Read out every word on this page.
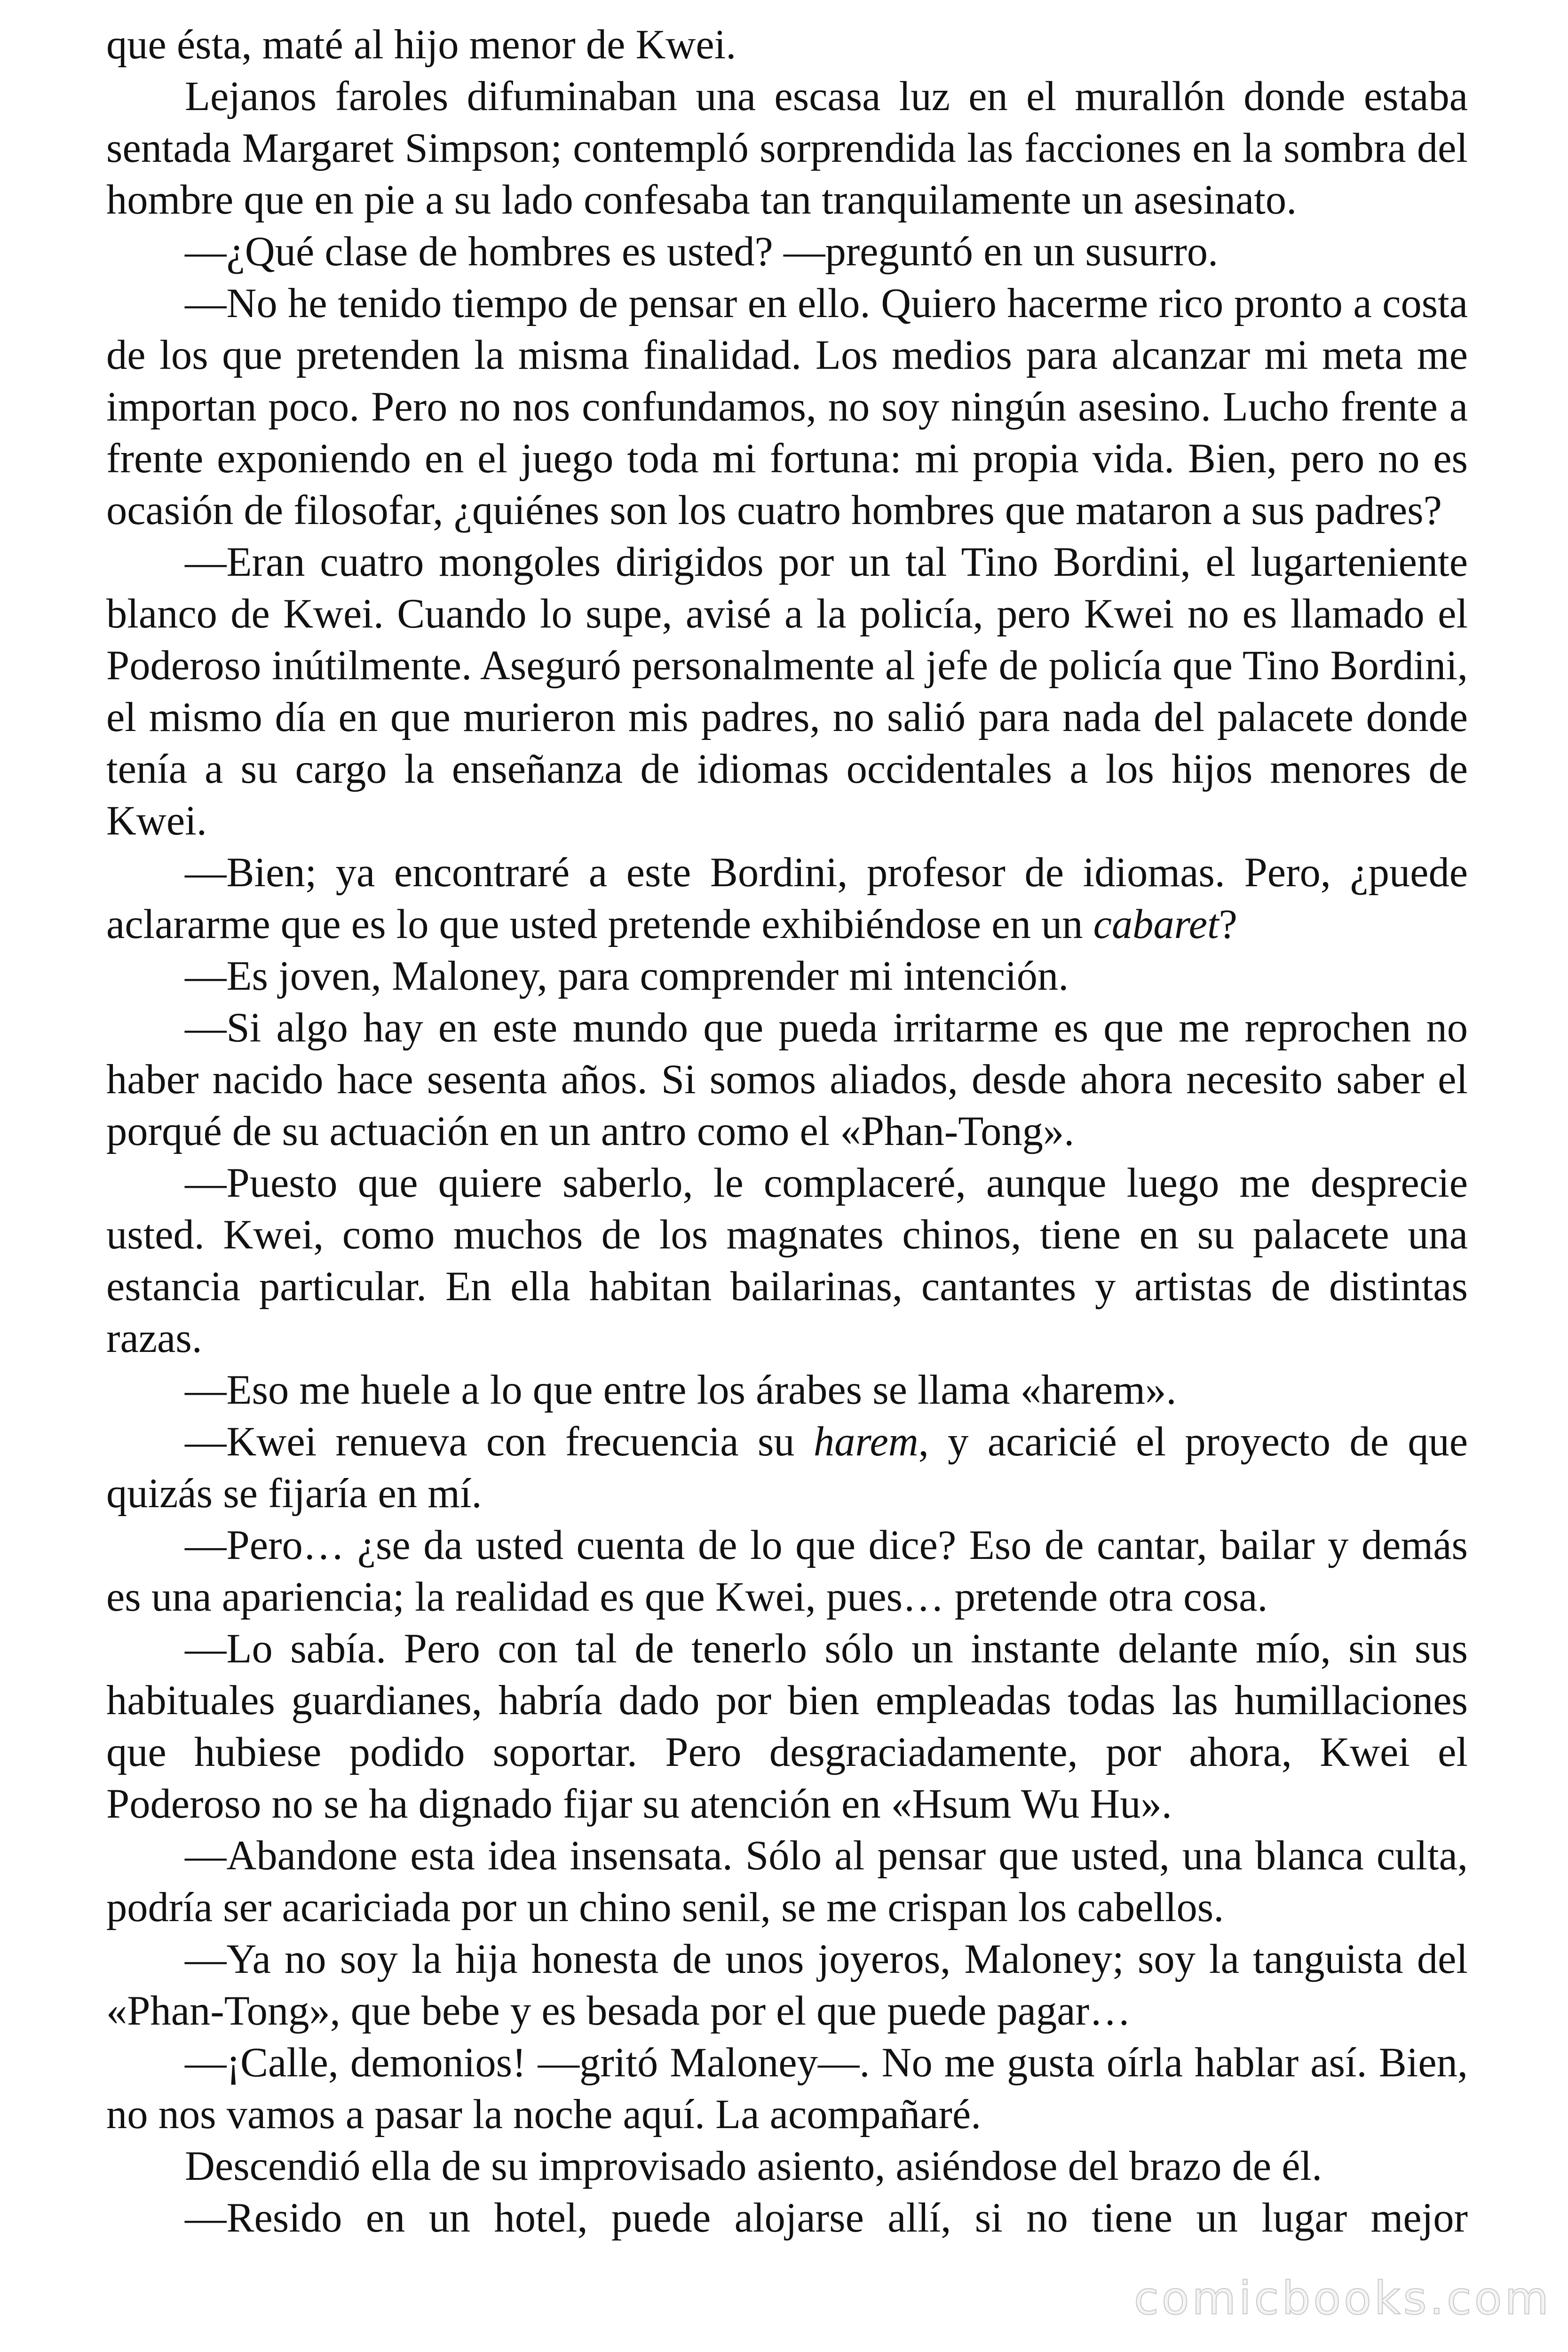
que ésta, maté al hijo menor de Kwei.

Lejanos faroles difuminaban una escasa luz en el murallón donde estaba sentada Margaret Simpson; contempló sorprendida las facciones en la sombra del hombre que en pie a su lado confesaba tan tranquilamente un asesinato.

—¿Qué clase de hombres es usted? —preguntó en un susurro.

—No he tenido tiempo de pensar en ello. Quiero hacerme rico pronto a costa de los que pretenden la misma finalidad. Los medios para alcanzar mi meta me importan poco. Pero no nos confundamos, no soy ningún asesino. Lucho frente a frente exponiendo en el juego toda mi fortuna: mi propia vida. Bien, pero no es ocasión de filosofar, ¿quiénes son los cuatro hombres que mataron a sus padres?

—Eran cuatro mongoles dirigidos por un tal Tino Bordini, el lugarteniente blanco de Kwei. Cuando lo supe, avisé a la policía, pero Kwei no es llamado el Poderoso inútilmente. Aseguró personalmente al jefe de policía que Tino Bordini, el mismo día en que murieron mis padres, no salió para nada del palacete donde tenía a su cargo la enseñanza de idiomas occidentales a los hijos menores de Kwei.

—Bien; ya encontraré a este Bordini, profesor de idiomas. Pero, ¿puede aclararme que es lo que usted pretende exhibiéndose en un cabaret?

—Es joven, Maloney, para comprender mi intención.

—Si algo hay en este mundo que pueda irritarme es que me reprochen no haber nacido hace sesenta años. Si somos aliados, desde ahora necesito saber el porqué de su actuación en un antro como el «Phan-Tong».

—Puesto que quiere saberlo, le complaceré, aunque luego me desprecie usted. Kwei, como muchos de los magnates chinos, tiene en su palacete una estancia particular. En ella habitan bailarinas, cantantes y artistas de distintas razas.

—Eso me huele a lo que entre los árabes se llama «harem».

—Kwei renueva con frecuencia su harem, y acaricié el proyecto de que quizás se fijaría en mí.

—Pero… ¿se da usted cuenta de lo que dice? Eso de cantar, bailar y demás es una apariencia; la realidad es que Kwei, pues… pretende otra cosa.

—Lo sabía. Pero con tal de tenerlo sólo un instante delante mío, sin sus habituales guardianes, habría dado por bien empleadas todas las humillaciones que hubiese podido soportar. Pero desgraciadamente, por ahora, Kwei el Poderoso no se ha dignado fijar su atención en «Hsum Wu Hu».

—Abandone esta idea insensata. Sólo al pensar que usted, una blanca culta, podría ser acariciada por un chino senil, se me crispan los cabellos.

—Ya no soy la hija honesta de unos joyeros, Maloney; soy la tanguista del «Phan-Tong», que bebe y es besada por el que puede pagar…

—¡Calle, demonios! —gritó Maloney—. No me gusta oírla hablar así. Bien, no nos vamos a pasar la noche aquí. La acompañaré.

Descendió ella de su improvisado asiento, asiéndose del brazo de él.

—Resido en un hotel, puede alojarse allí, si no tiene un lugar mejor

comicbooks.com
